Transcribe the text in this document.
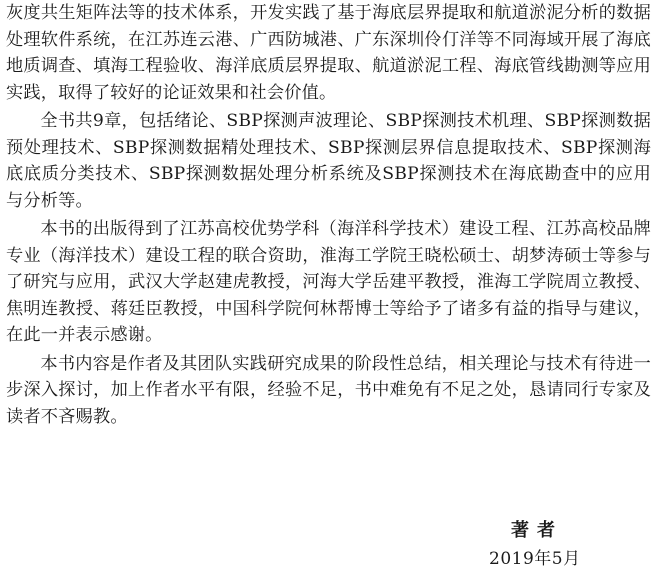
灰度共生矩阵法等的技术体系，开发实践了基于海底层界提取和航道淤泥分析的数据处理软件系统，在江苏连云港、广西防城港、广东深圳伶仃洋等不同海域开展了海底地质调查、填海工程验收、海洋底质层界提取、航道淤泥工程、海底管线勘测等应用实践，取得了较好的论证效果和社会价值。

全书共9章，包括绪论、SBP探测声波理论、SBP探测技术机理、SBP探测数据预处理技术、SBP探测数据精处理技术、SBP探测层界信息提取技术、SBP探测海底底质分类技术、SBP探测数据处理分析系统及SBP探测技术在海底勘查中的应用与分析等。

本书的出版得到了江苏高校优势学科（海洋科学技术）建设工程、江苏高校品牌专业（海洋技术）建设工程的联合资助，淮海工学院王晓松硕士、胡梦涛硕士等参与了研究与应用，武汉大学赵建虎教授，河海大学岳建平教授，淮海工学院周立教授、焦明连教授、蒋廷臣教授，中国科学院何林帮博士等给予了诸多有益的指导与建议，在此一并表示感谢。

本书内容是作者及其团队实践研究成果的阶段性总结，相关理论与技术有待进一步深入探讨，加上作者水平有限，经验不足，书中难免有不足之处，恳请同行专家及读者不吝赐教。

著者
2019年5月
